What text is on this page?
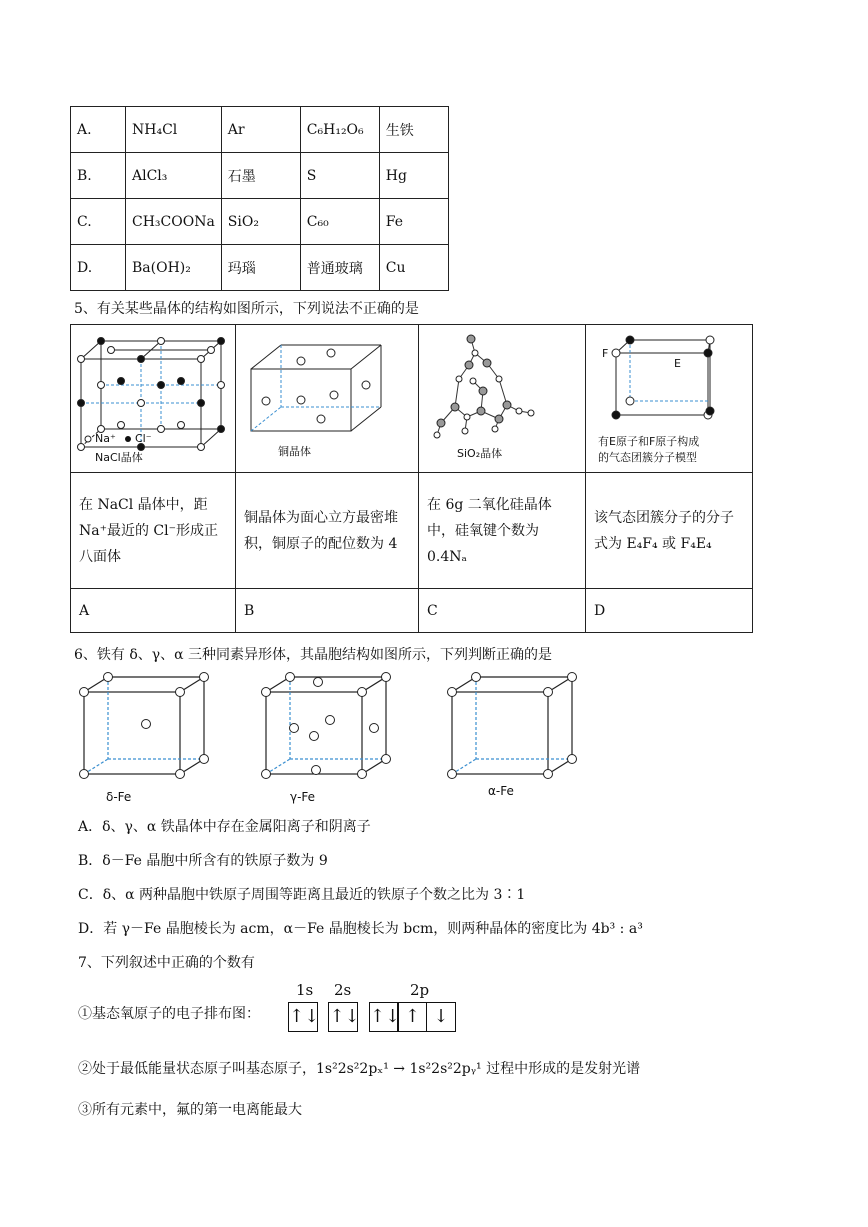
A.	NH₄Cl	Ar	C₆H₁₂O₆	生铁
B.	AlCl₃	石墨	S	Hg
C.	CH₃COONa	SiO₂	C₆₀	Fe
D.	Ba(OH)₂	玛瑙	普通玻璃	Cu
5、有关某些晶体的结构如图所示，下列说法不正确的是
Na⁺ Cl⁻
NaCl晶体	铜晶体	SiO₂晶体	F
E
有E原子和F原子构成
的气态团簇分子模型

在 NaCl 晶体中，距 Na⁺最近的 Cl⁻形成正八面体	铜晶体为面心立方最密堆积，铜原子的配位数为 4	在 6g 二氧化硅晶体中，硅氧键个数为 0.4Nₐ	该气态团簇分子的分子式为 E₄F₄ 或 F₄E₄

A	B	C	D
6、铁有 δ、γ、α 三种同素异形体，其晶胞结构如图所示，下列判断正确的是
δ-Fe	γ-Fe	α-Fe
A．δ、γ、α 铁晶体中存在金属阳离子和阴离子
B．δ－Fe 晶胞中所含有的铁原子数为 9
C．δ、α 两种晶胞中铁原子周围等距离且最近的铁原子个数之比为 3∶1
D．若 γ－Fe 晶胞棱长为 acm，α－Fe 晶胞棱长为 bcm，则两种晶体的密度比为 4b³ : a³
7、下列叙述中正确的个数有
①基态氧原子的电子排布图：
1s 2s	2p
↑↓ ↑↓ ↑↓ ↑ ↓
②处于最低能量状态原子叫基态原子，1s²2s²2pₓ¹ → 1s²2s²2pᵧ¹ 过程中形成的是发射光谱
③所有元素中，氟的第一电离能最大
